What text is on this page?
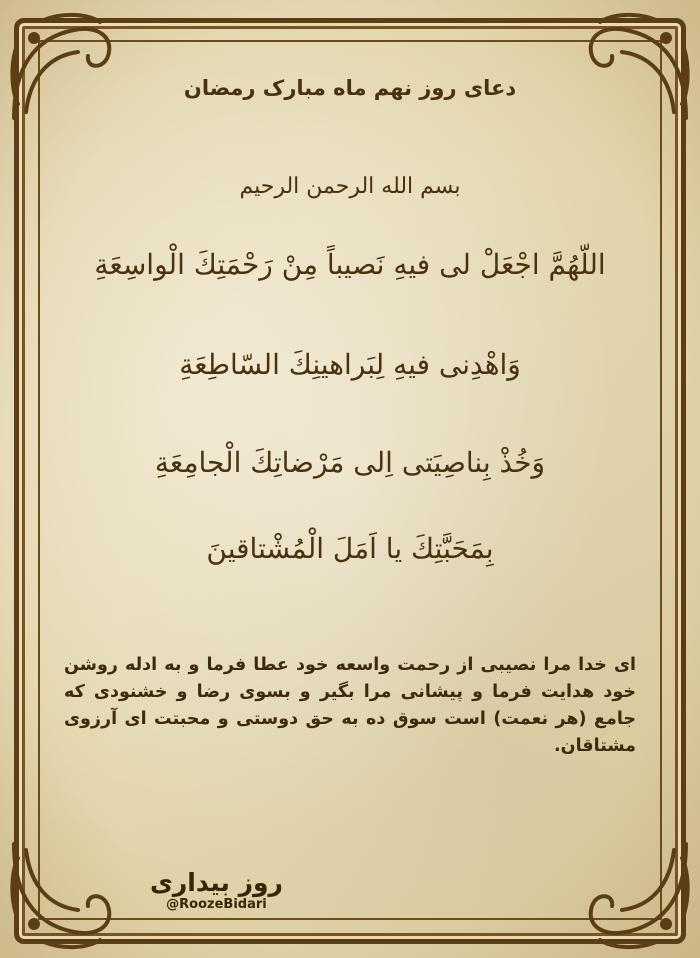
دعای روز نهم ماه مبارک رمضان
بسم الله الرحمن الرحیم
اللّهُمَّ اجْعَلْ لی فیهِ نَصیباً مِنْ رَحْمَتِكَ الْواسِعَةِ
وَاهْدِنی فیهِ لِبَراهینِكَ السّاطِعَةِ
وَخُذْ بِناصِیَتی اِلی مَرْضاتِكَ الْجامِعَةِ
بِمَحَبَّتِكَ یا اَمَلَ الْمُشْتاقینَ
ای خدا مرا نصیبی از رحمت واسعه خود عطا فرما و به ادله روشن خود هدایت فرما و پیشانی مرا بگیر و بسوی رضا و خشنودی که جامع (هر نعمت) است سوق ده به حق دوستی و محبتت ای آرزوی مشتاقان.
روز بیداری
@RoozeBidari
